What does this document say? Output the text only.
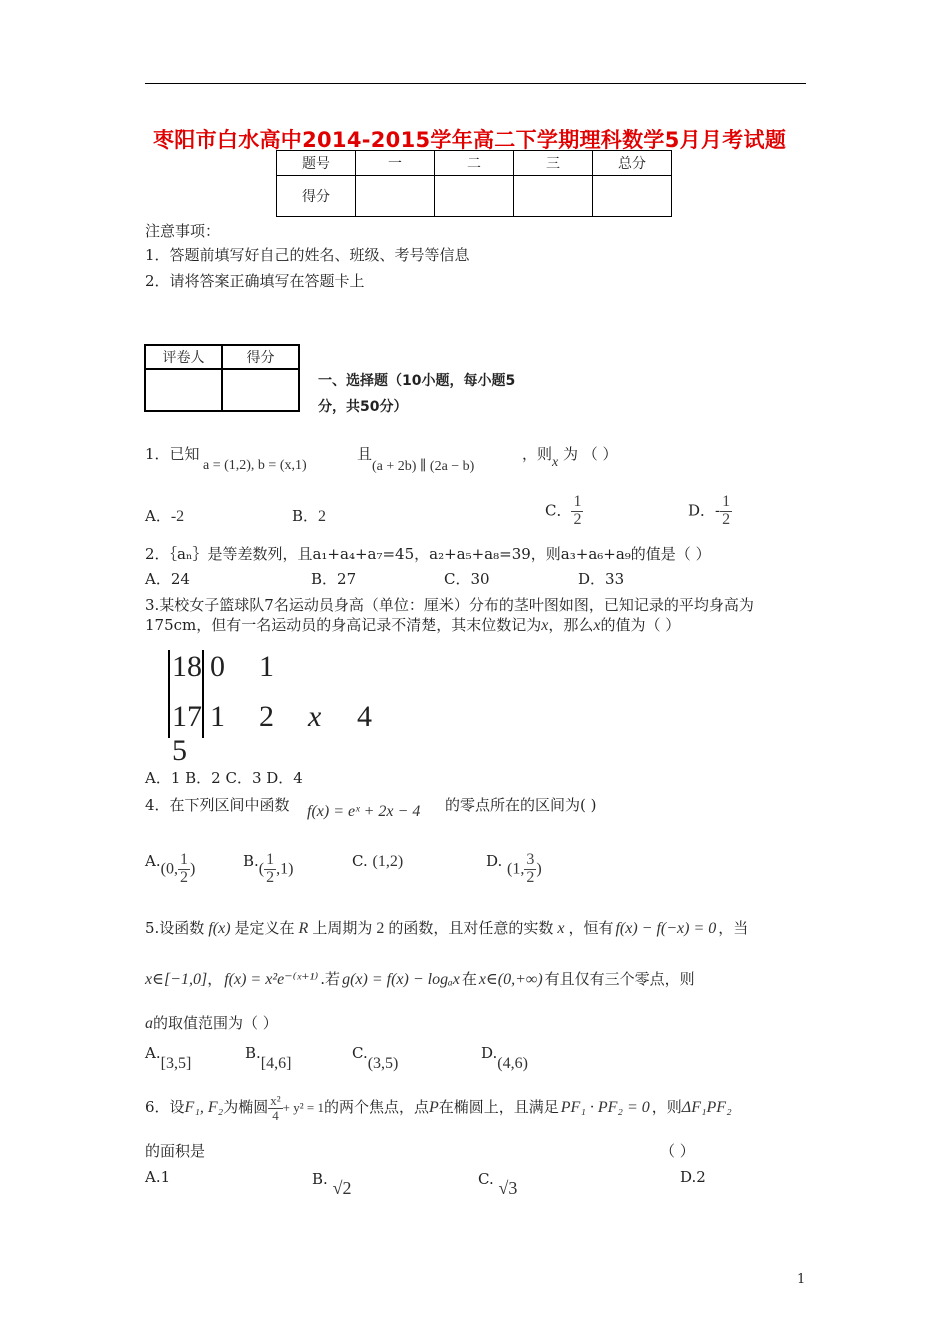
枣阳市白水高中2014-2015学年高二下学期理科数学5月月考试题
题号	一	二	三	总分
得分				
注意事项：
1．答题前填写好自己的姓名、班级、考号等信息
2．请将答案正确填写在答题卡上
评卷人	得分

一、选择题（10小题，每小题5
分，共50分）
1．已知
a = (1,2), b = (x,1)
且
(a + 2b) ∥ (2a − b)
，则 x 为 （ ）
A．-2	B．2	C． $\frac{1}{2}$	D．- $\frac{1}{2}$
2．｛aₙ｝是等差数列，且a₁+a₄+a₇=45，a₂+a₅+a₈=39，则a₃+a₆+a₉的值是（ ）
A．24	B．27	C．30	D．33
3.某校女子篮球队7名运动员身高（单位：厘米）分布的茎叶图如图，已知记录的平均身高为
175cm，但有一名运动员的身高记录不清楚，其末位数记为x，那么x的值为（ ）
18 0 1
17 1 2 x 45
A．1 B．2 C．3 D．4
4．在下列区间中函数 f(x) = eˣ + 2x − 4 的零点所在的区间为( )
A.(0, $\frac{1}{2}$ )	$B.( \frac{1}{2} ,1)$	C. (1,2)	D. (1, $\frac{3}{2}$ )
5.设函数 f(x) 是定义在 R 上周期为 2 的函数，且对任意的实数 x ，恒有 f(x) − f(−x) = 0 ，当
x∈[−1,0]， f(x) = x²e⁻⁽ˣ⁺¹⁾ .若 g(x) = f(x) − logₐx 在 x∈(0,+∞) 有且仅有三个零点，则
a的取值范围为（ ）
A.[3,5]
B.[4,6]
C.(3,5)
D.(4,6)
6．设F₁, F₂为椭圆 $\frac{\text{x²}}{4} + y^2 = 1$的两个焦点，点P在椭圆上，且满足 PF₁ · PF₂ = 0 ，则ΔF₁PF₂
的面积是	（ ）
A.1	B. √2	C. √3
D.2
1
